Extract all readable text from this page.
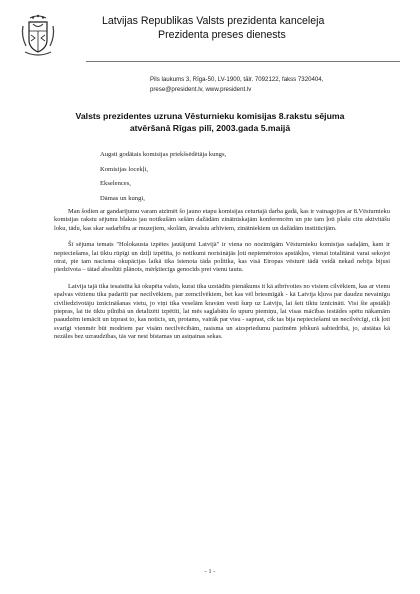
Latvijas Republikas Valsts prezidenta kanceleja
Prezidenta preses dienests
Pils laukums 3, Rīga-50, LV-1900, tālr. 7092122, fakss 7320404,
prese@president.lv, www.president.lv
Valsts prezidentes uzruna Vēsturnieku komisijas 8.rakstu sējuma
atvēršanā Rīgas pilī, 2003.gada 5.maijā
Augsti godātais komisijas priekšsēdētāja kungs,
Komisijas locekļi,
Ekselences,
Dāmas un kungi,

Man šodien ar gandarījumu varam atzīmēt šo jauno etapu komisijas ceturtajā darba gadā, kas ir vainagojies ar 8.Vēsturnieku komisijas rakstu sējumu blakus jau notikušām sešām dažādām zinātniskajām konferencēm un pie tam ļoti plašu citu aktivitāšu loku, tādu, kas skar sadarbību ar muzejiem, skolām, ārvalstu arhīviem, zinātniekiem un dažādām institūcijām.

Šī sējuma temats "Holokausta izpētes jautājumi Latvijā" ir viena no nozīmīgām Vēsturnieku komisijas sadaļām, kam ir nepieciešams, lai tiktu rūpīgi un dziļi izpētīta, jo notikumi norisinājās ļoti nepiemērotos apstākļos, vienai totalitārai varai sekojot otrai, pie tam nacisma okupācijas laikā tika īstenota tāda politika, kas visā Eiropas vēsturē tādā veidā nekad nebija bijusi piedzīvota – tātad absolūti plānots, mērķtiecīgs genocīds pret vienu tautu.

Latvija tajā tika iesaistīta kā okupēta valsts, kurai tika uzstādīts pienākums it kā atbrīvoties no visiem cilvēkiem, kas ar vienu spalvas vēzienu tika padarīti par necilvēkiem, par zemcilvēkiem, bet kas vēl briesmīgāk - kā Latvija kļuva par daudzu nevainīgu civiliedzīvotāju iznīcināšanas vietu, jo viņi tika veselām kravām vesti šurp uz Latviju, lai šeit tiktu iznīcināti. Visi šie apstākļi piepras, lai tie tiktu pilnībā un detalizēti izpētīti, lai mēs saglabātu šo upuru piemiņu, lai visas mācības iestādes spētu nākamām paaudzēm iemācīt un izprast to, kas noticis, un, protams, vairāk par visu - saprast, cik tas bija nepieciešami un necilvēcīgi, cik ļoti svarīgi vienmēr būt modriem par visām necilvēcībām, rasisma un aizspriedumu pazīmēm jebkurā sabiedrībā, jo, atstātas kā nezāles bez uzraudzības, tās var nest bīstamas un asiņainas sekas.

- 1 -
